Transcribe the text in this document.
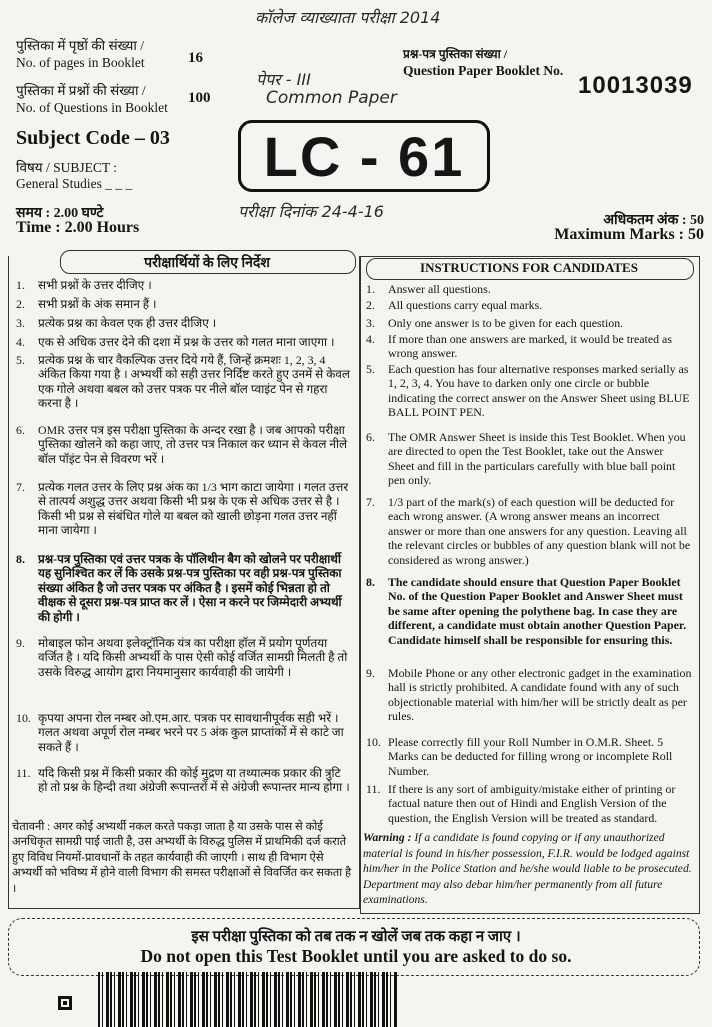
कॉलेज व्याख्याता परीक्षा 2014
पुस्तिका में पृष्ठों की संख्या /
No. of pages in Booklet	16
पुस्तिका में प्रश्नों की संख्या /
No. of Questions in Booklet
100
पेपर - III
Common Paper
प्रश्न-पत्र पुस्तिका संख्या /
Question Paper Booklet No.
10013039
Subject Code – 03
विषय / SUBJECT :
General Studies _ _ _ LC - 61
परीक्षा दिनांक 24-4-16
समय : 2.00 घण्टे
Time : 2.00 Hours	अधिकतम अंक : 50
Maximum Marks : 50
परीक्षार्थियों के लिए निर्देश
1.	सभी प्रश्नों के उत्तर दीजिए ।
2.	सभी प्रश्नों के अंक समान हैं ।
3.	प्रत्येक प्रश्न का केवल एक ही उत्तर दीजिए ।
4.	एक से अधिक उत्तर देने की दशा में प्रश्न के उत्तर को गलत माना जाएगा ।
5.	प्रत्येक प्रश्न के चार वैकल्पिक उत्तर दिये गये हैं, जिन्हें क्रमशः 1, 2, 3, 4 अंकित किया गया है । अभ्यर्थी को सही उत्तर निर्दिष्ट करते हुए उनमें से केवल एक गोले अथवा बबल को उत्तर पत्रक पर नीले बॉल प्वाइंट पेन से गहरा करना है ।
6.	OMR उत्तर पत्र इस परीक्षा पुस्तिका के अन्दर रखा है । जब आपको परीक्षा पुस्तिका खोलने को कहा जाए, तो उत्तर पत्र निकाल कर ध्यान से केवल नीले बॉल पॉइंट पेन से विवरण भरें ।
7.	प्रत्येक गलत उत्तर के लिए प्रश्न अंक का 1/3 भाग काटा जायेगा । गलत उत्तर से तात्पर्य अशुद्ध उत्तर अथवा किसी भी प्रश्न के एक से अधिक उत्तर से है । किसी भी प्रश्न से संबंधित गोले या बबल को खाली छोड़ना गलत उत्तर नहीं माना जायेगा ।
8.	प्रश्न-पत्र पुस्तिका एवं उत्तर पत्रक के पॉलिथीन बैग को खोलने पर परीक्षार्थी यह सुनिश्चित कर लें कि उसके प्रश्न-पत्र पुस्तिका पर वही प्रश्न-पत्र पुस्तिका संख्या अंकित है जो उत्तर पत्रक पर अंकित है । इसमें कोई भिन्नता हो तो वीक्षक से दूसरा प्रश्न-पत्र प्राप्त कर लें । ऐसा न करने पर जिम्मेदारी अभ्यर्थी की होगी ।
9.	मोबाइल फोन अथवा इलेक्ट्रॉनिक यंत्र का परीक्षा हॉल में प्रयोग पूर्णतया वर्जित है । यदि किसी अभ्यर्थी के पास ऐसी कोई वर्जित सामग्री मिलती है तो उसके विरुद्ध आयोग द्वारा नियमानुसार कार्यवाही की जायेगी ।
10. कृपया अपना रोल नम्बर ओ.एम.आर. पत्रक पर सावधानीपूर्वक सही भरें । गलत अथवा अपूर्ण रोल नम्बर भरने पर 5 अंक कुल प्राप्तांकों में से काटे जा सकते हैं ।
11. यदि किसी प्रश्न में किसी प्रकार की कोई मुद्रण या तथ्यात्मक प्रकार की त्रुटि हो तो प्रश्न के हिन्दी तथा अंग्रेजी रूपान्तरों में से अंग्रेजी रूपान्तर मान्य होगा ।
INSTRUCTIONS FOR CANDIDATES
1.	Answer all questions.
2.	All questions carry equal marks.
3.	Only one answer is to be given for each question.
4.	If more than one answers are marked, it would be treated as wrong answer.
5.	Each question has four alternative responses marked serially as 1, 2, 3, 4. You have to darken only one circle or bubble indicating the correct answer on the Answer Sheet using BLUE BALL POINT PEN.
6.	The OMR Answer Sheet is inside this Test Booklet. When you are directed to open the Test Booklet, take out the Answer Sheet and fill in the particulars carefully with blue ball point pen only.
7.	1/3 part of the mark(s) of each question will be deducted for each wrong answer. (A wrong answer means an incorrect answer or more than one answers for any question. Leaving all the relevant circles or bubbles of any question blank will not be considered as wrong answer.)
8.	The candidate should ensure that Question Paper Booklet No. of the Question Paper Booklet and Answer Sheet must be same after opening the polythene bag. In case they are different, a candidate must obtain another Question Paper. Candidate himself shall be responsible for ensuring this.
9.	Mobile Phone or any other electronic gadget in the examination hall is strictly prohibited. A candidate found with any of such objectionable material with him/her will be strictly dealt as per rules.
10. Please correctly fill your Roll Number in O.M.R. Sheet. 5 Marks can be deducted for filling wrong or incomplete Roll Number.
11. If there is any sort of ambiguity/mistake either of printing or factual nature then out of Hindi and English Version of the question, the English Version will be treated as standard.
Warning : If a candidate is found copying or if any unauthorized material is found in his/her possession, F.I.R. would be lodged against him/her in the Police Station and he/she would liable to be prosecuted. Department may also debar him/her permanently from all future examinations.
इस परीक्षा पुस्तिका को तब तक न खोलें जब तक कहा न जाए ।
Do not open this Test Booklet until you are asked to do so.
चेतावनी : अगर कोई अभ्यर्थी नकल करते पकड़ा जाता है या उसके पास से कोई अनधिकृत सामग्री पाई जाती है, उस अभ्यर्थी के विरुद्ध पुलिस में प्राथमिकी दर्ज कराते हुए विविध नियमों-प्रावधानों के तहत कार्यवाही की जाएगी । साथ ही विभाग ऐसे अभ्यर्थी को भविष्य में होने वाली विभाग की समस्त परीक्षाओं से विवर्जित कर सकता है ।
